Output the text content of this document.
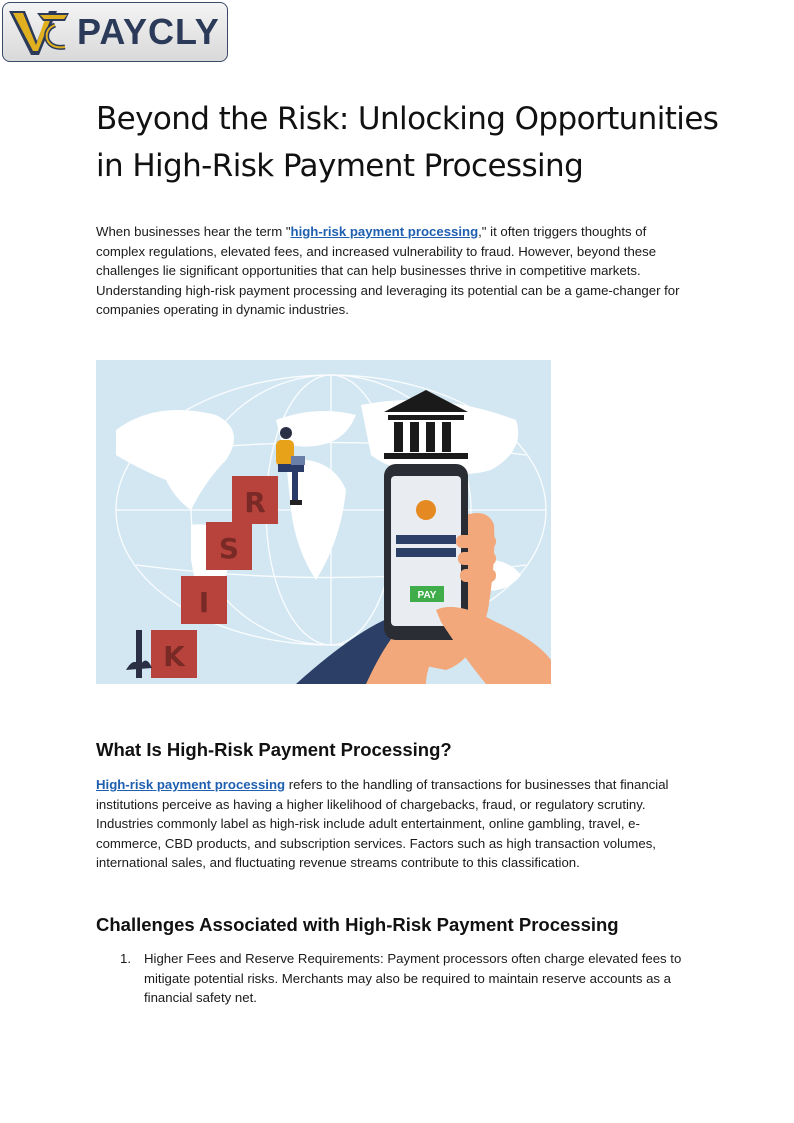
PAYCLY
Beyond the Risk: Unlocking Opportunities in High-Risk Payment Processing

When businesses hear the term "high-risk payment processing," it often triggers thoughts of complex regulations, elevated fees, and increased vulnerability to fraud. However, beyond these challenges lie significant opportunities that can help businesses thrive in competitive markets. Understanding high-risk payment processing and leveraging its potential can be a game-changer for companies operating in dynamic industries.

K
I
S
R
PAY
What Is High-Risk Payment Processing?

High-risk payment processing refers to the handling of transactions for businesses that financial institutions perceive as having a higher likelihood of chargebacks, fraud, or regulatory scrutiny. Industries commonly label as high-risk include adult entertainment, online gambling, travel, e-commerce, CBD products, and subscription services. Factors such as high transaction volumes, international sales, and fluctuating revenue streams contribute to this classification.

Challenges Associated with High-Risk Payment Processing
1. Higher Fees and Reserve Requirements: Payment processors often charge elevated fees to mitigate potential risks. Merchants may also be required to maintain reserve accounts as a financial safety net.
